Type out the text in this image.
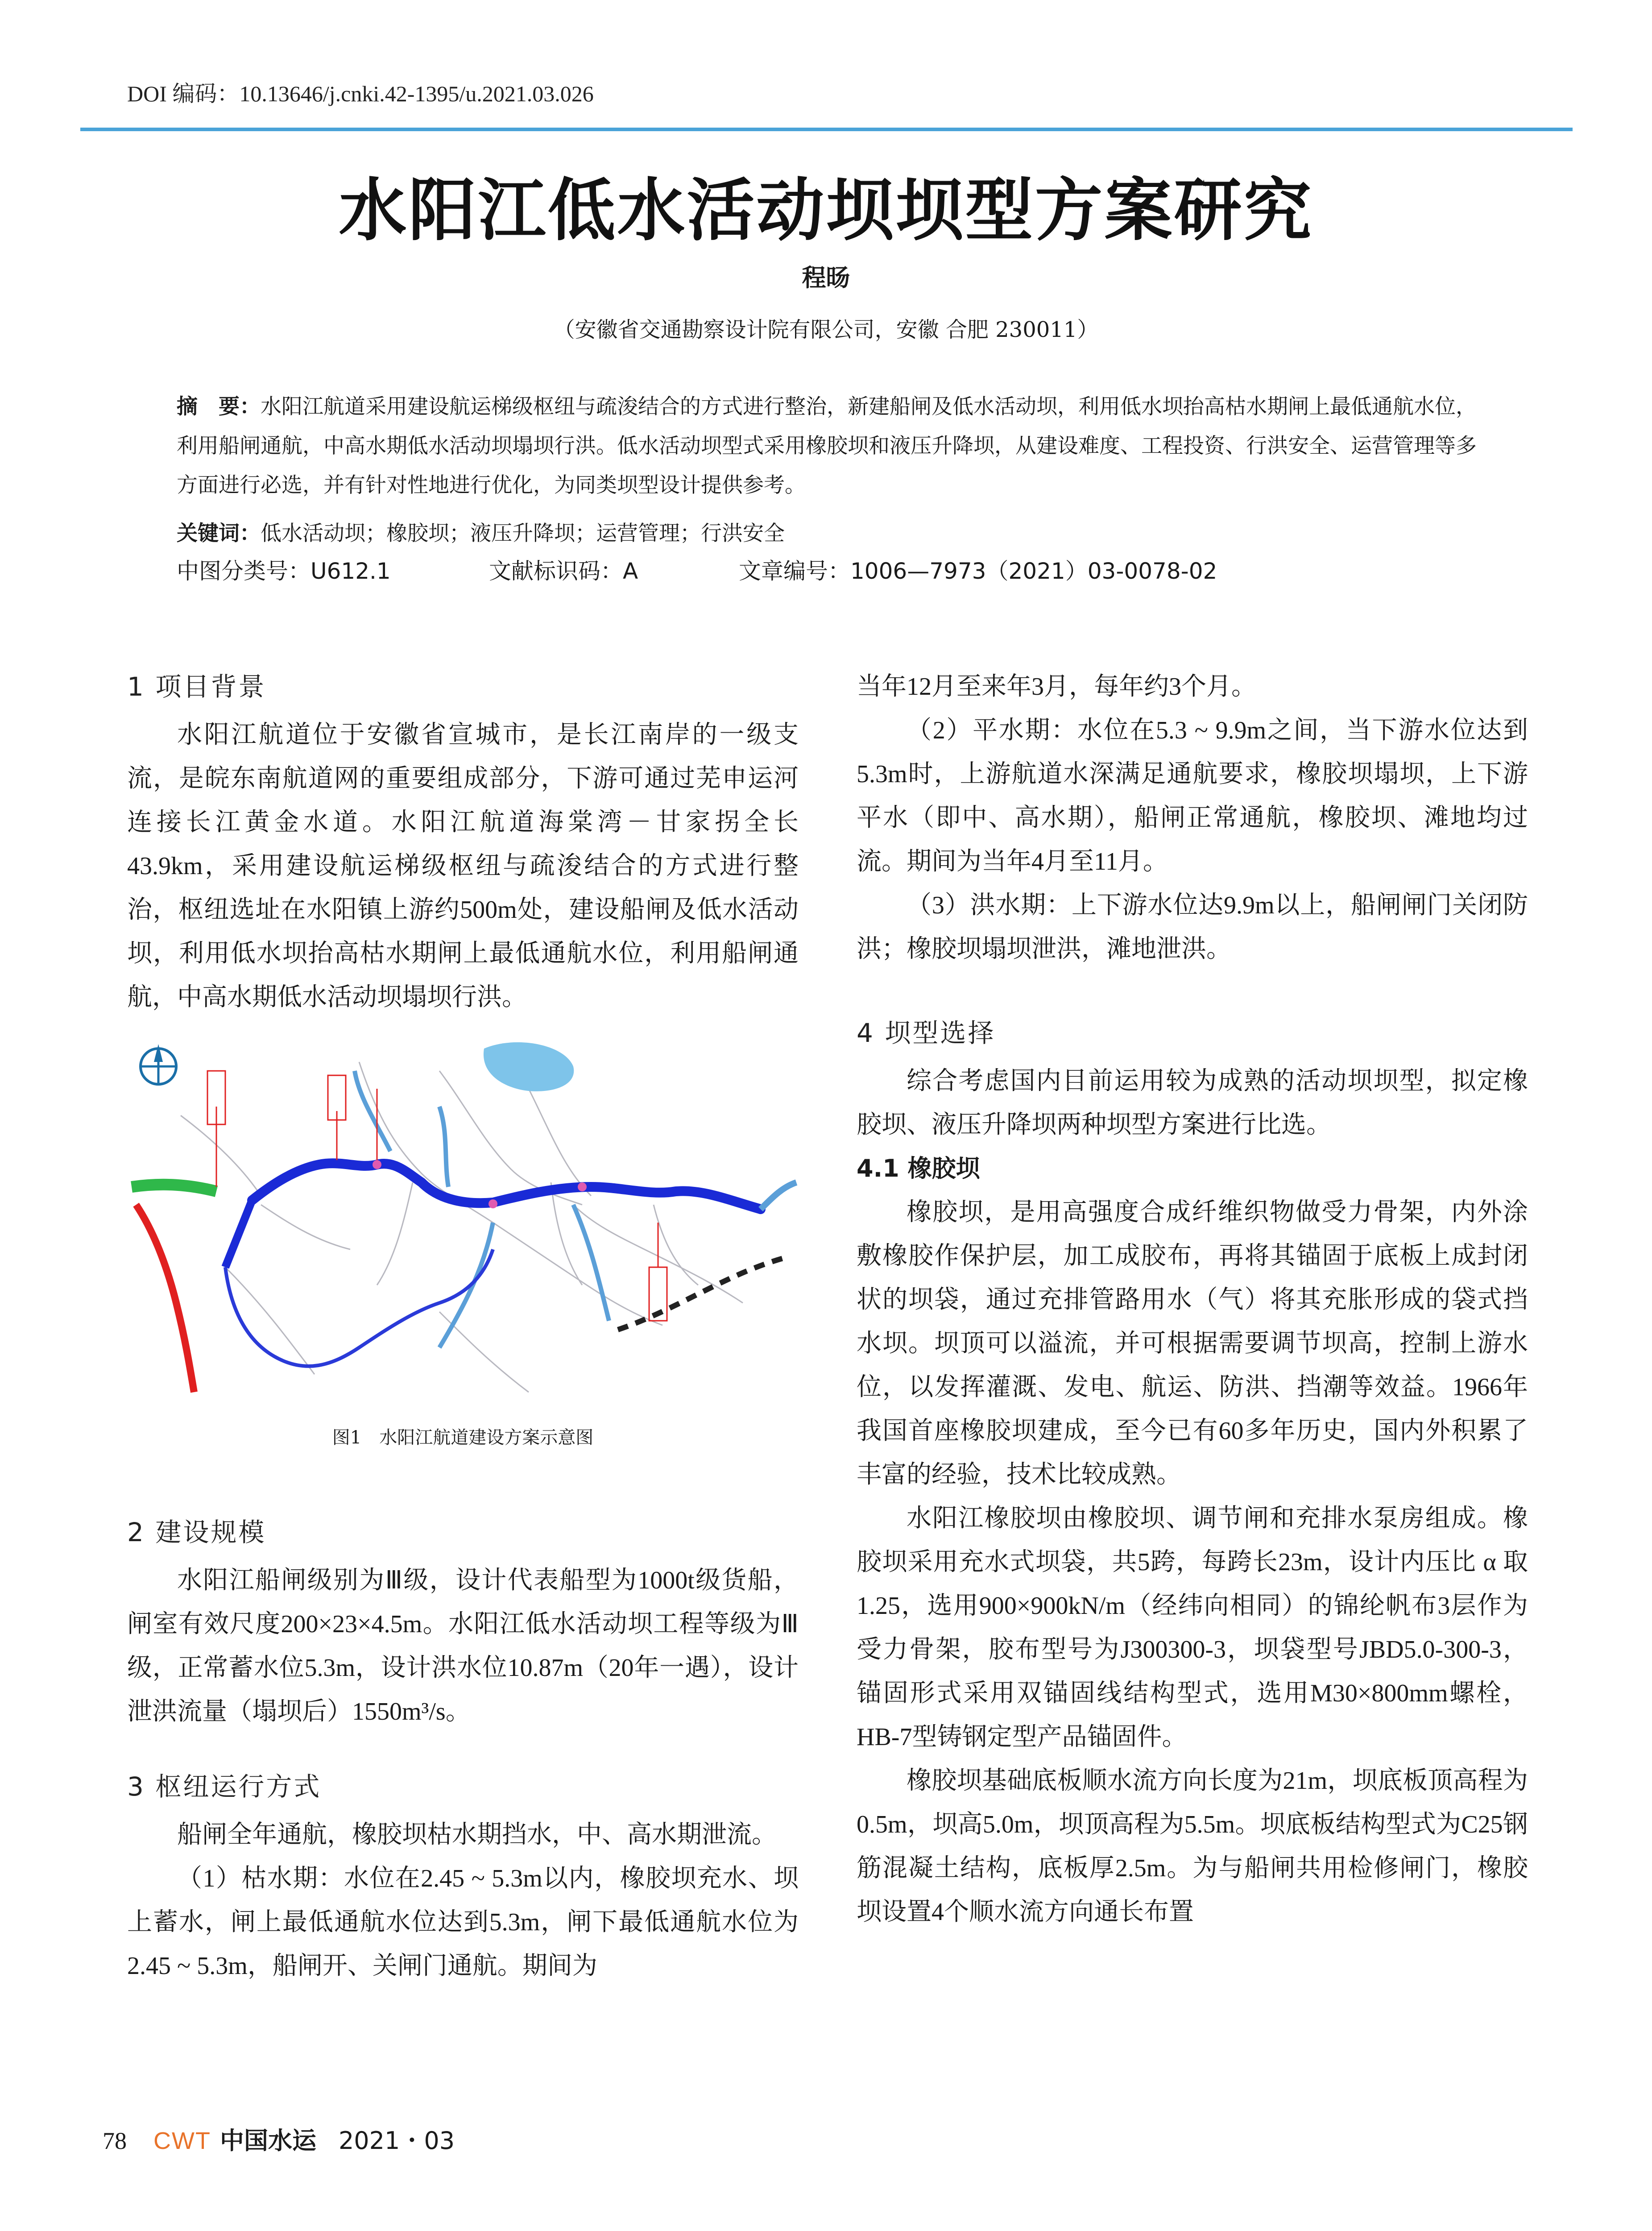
DOI 编码：10.13646/j.cnki.42-1395/u.2021.03.026
水阳江低水活动坝坝型方案研究
程旸
（安徽省交通勘察设计院有限公司，安徽 合肥 230011）
摘　要：水阳江航道采用建设航运梯级枢纽与疏浚结合的方式进行整治，新建船闸及低水活动坝，利用低水坝抬高枯水期闸上最低通航水位，利用船闸通航，中高水期低水活动坝塌坝行洪。低水活动坝型式采用橡胶坝和液压升降坝，从建设难度、工程投资、行洪安全、运营管理等多方面进行必选，并有针对性地进行优化，为同类坝型设计提供参考。
关键词：低水活动坝；橡胶坝；液压升降坝；运营管理；行洪安全
中图分类号：U612.1	文献标识码：A	文章编号：1006—7973（2021）03-0078-02
1 项目背景

水阳江航道位于安徽省宣城市，是长江南岸的一级支流，是皖东南航道网的重要组成部分，下游可通过芜申运河连接长江黄金水道。水阳江航道海棠湾－甘家拐全长43.9km，采用建设航运梯级枢纽与疏浚结合的方式进行整治，枢纽选址在水阳镇上游约500m处，建设船闸及低水活动坝，利用低水坝抬高枯水期闸上最低通航水位，利用船闸通航，中高水期低水活动坝塌坝行洪。

图1　水阳江航道建设方案示意图
2 建设规模

水阳江船闸级别为Ⅲ级，设计代表船型为1000t级货船，闸室有效尺度200×23×4.5m。水阳江低水活动坝工程等级为Ⅲ级，正常蓄水位5.3m，设计洪水位10.87m（20年一遇），设计泄洪流量（塌坝后）1550m³/s。

3 枢纽运行方式

船闸全年通航，橡胶坝枯水期挡水，中、高水期泄流。

（1）枯水期：水位在2.45 ~ 5.3m以内，橡胶坝充水、坝上蓄水，闸上最低通航水位达到5.3m，闸下最低通航水位为2.45 ~ 5.3m，船闸开、关闸门通航。期间为

当年12月至来年3月，每年约3个月。

（2）平水期：水位在5.3 ~ 9.9m之间，当下游水位达到5.3m时，上游航道水深满足通航要求，橡胶坝塌坝，上下游平水（即中、高水期），船闸正常通航，橡胶坝、滩地均过流。期间为当年4月至11月。

（3）洪水期：上下游水位达9.9m以上，船闸闸门关闭防洪；橡胶坝塌坝泄洪，滩地泄洪。

4 坝型选择

综合考虑国内目前运用较为成熟的活动坝坝型，拟定橡胶坝、液压升降坝两种坝型方案进行比选。

4.1 橡胶坝

橡胶坝，是用高强度合成纤维织物做受力骨架，内外涂敷橡胶作保护层，加工成胶布，再将其锚固于底板上成封闭状的坝袋，通过充排管路用水（气）将其充胀形成的袋式挡水坝。坝顶可以溢流，并可根据需要调节坝高，控制上游水位，以发挥灌溉、发电、航运、防洪、挡潮等效益。1966年我国首座橡胶坝建成，至今已有60多年历史，国内外积累了丰富的经验，技术比较成熟。

水阳江橡胶坝由橡胶坝、调节闸和充排水泵房组成。橡胶坝采用充水式坝袋，共5跨，每跨长23m，设计内压比 α 取1.25，选用900×900kN/m（经纬向相同）的锦纶帆布3层作为受力骨架，胶布型号为J300300-3，坝袋型号JBD5.0-300-3，锚固形式采用双锚固线结构型式，选用M30×800mm螺栓，HB-7型铸钢定型产品锚固件。

橡胶坝基础底板顺水流方向长度为21m，坝底板顶高程为0.5m，坝高5.0m，坝顶高程为5.5m。坝底板结构型式为C25钢筋混凝土结构，底板厚2.5m。为与船闸共用检修闸门，橡胶坝设置4个顺水流方向通长布置

78 CWT 中国水运 2021・03
